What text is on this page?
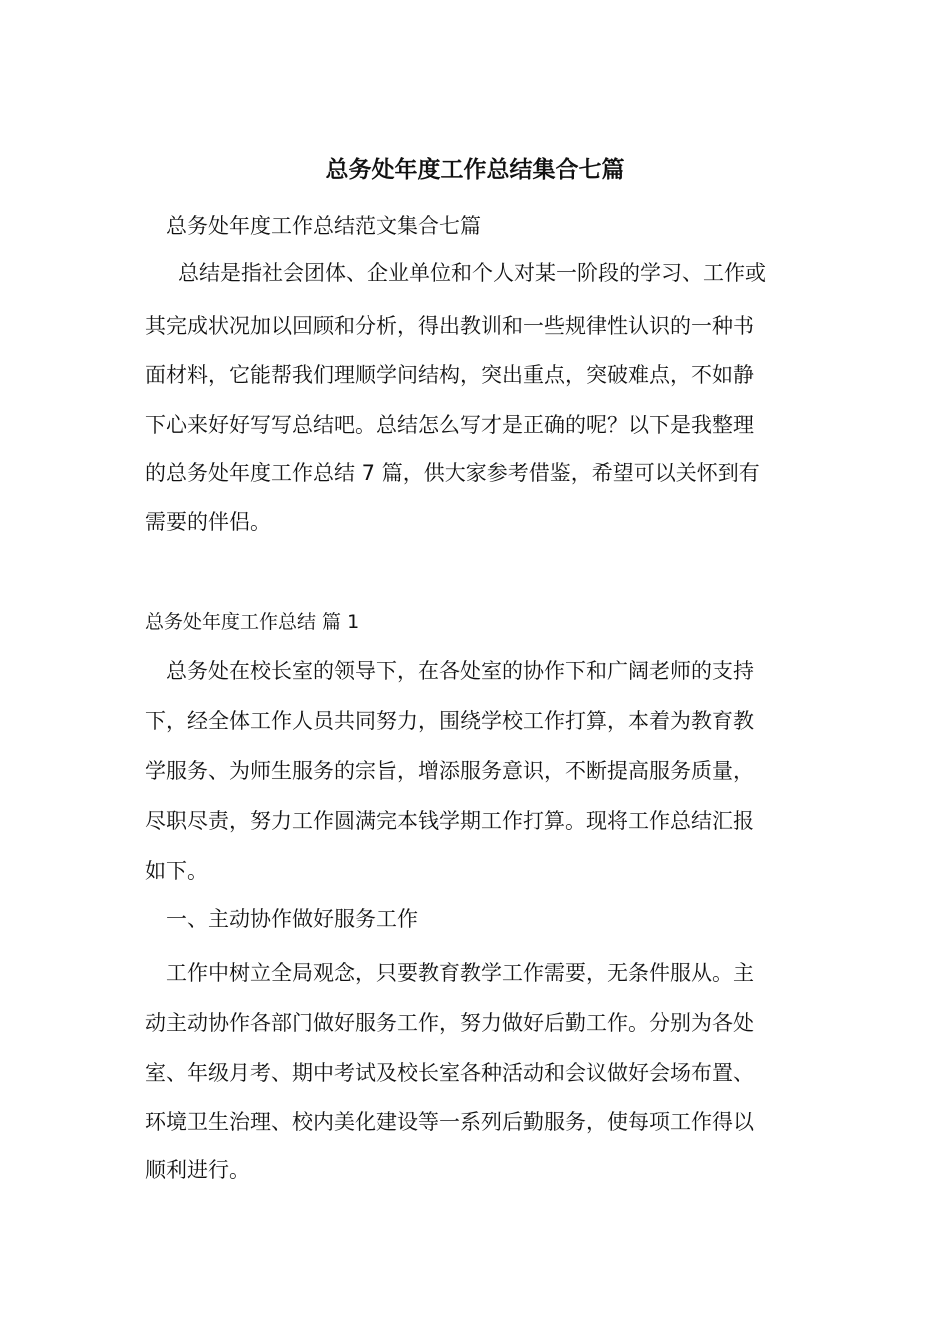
总务处年度工作总结集合七篇

总务处年度工作总结范文集合七篇

总结是指社会团体、企业单位和个人对某一阶段的学习、工作或

其完成状况加以回顾和分析，得出教训和一些规律性认识的一种书

面材料，它能帮我们理顺学问结构，突出重点，突破难点，不如静

下心来好好写写总结吧。总结怎么写才是正确的呢？以下是我整理

的总务处年度工作总结 7 篇，供大家参考借鉴，希望可以关怀到有

需要的伴侣。

总务处年度工作总结 篇 1

总务处在校长室的领导下，在各处室的协作下和广阔老师的支持

下，经全体工作人员共同努力，围绕学校工作打算，本着为教育教

学服务、为师生服务的宗旨，增添服务意识，不断提高服务质量，

尽职尽责，努力工作圆满完本钱学期工作打算。现将工作总结汇报

如下。

一、主动协作做好服务工作

工作中树立全局观念，只要教育教学工作需要，无条件服从。主

动主动协作各部门做好服务工作，努力做好后勤工作。分别为各处

室、年级月考、期中考试及校长室各种活动和会议做好会场布置、

环境卫生治理、校内美化建设等一系列后勤服务，使每项工作得以

顺利进行。
